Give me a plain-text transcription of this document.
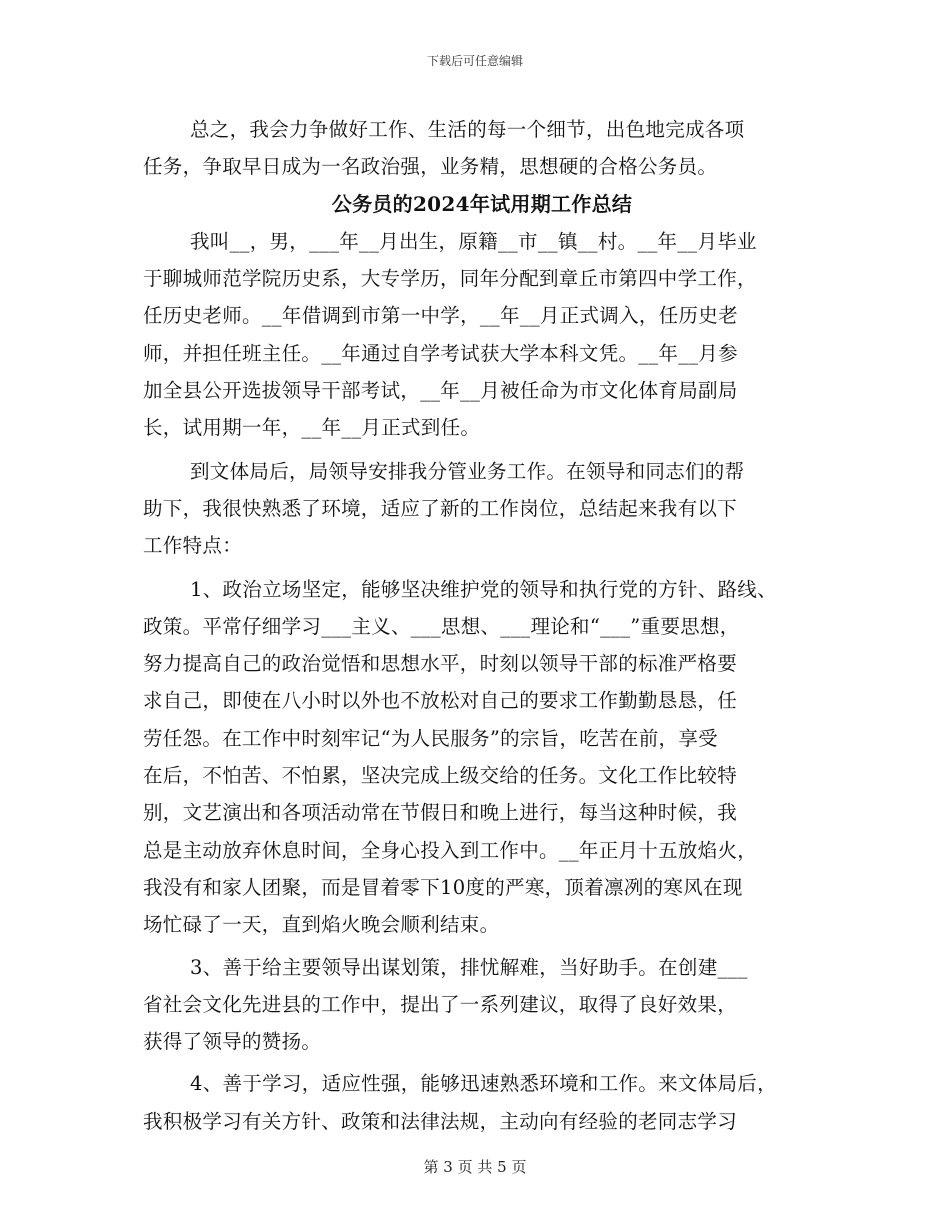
下载后可任意编辑
总之，我会力争做好工作、生活的每一个细节，出色地完成各项
任务，争取早日成为一名政治强，业务精，思想硬的合格公务员。
公务员的2024年试用期工作总结
我叫__，男，___年__月出生，原籍__市__镇__村。__年__月毕业
于聊城师范学院历史系，大专学历，同年分配到章丘市第四中学工作，
任历史老师。__年借调到市第一中学，__年__月正式调入，任历史老
师，并担任班主任。__年通过自学考试获大学本科文凭。__年__月参
加全县公开选拔领导干部考试，__年__月被任命为市文化体育局副局
长，试用期一年，__年__月正式到任。
到文体局后，局领导安排我分管业务工作。在领导和同志们的帮
助下，我很快熟悉了环境，适应了新的工作岗位，总结起来我有以下
工作特点：
1、政治立场坚定，能够坚决维护党的领导和执行党的方针、路线、
政策。平常仔细学习___主义、___思想、___理论和“___”重要思想，
努力提高自己的政治觉悟和思想水平，时刻以领导干部的标准严格要
求自己，即使在八小时以外也不放松对自己的要求工作勤勤恳恳，任
劳任怨。在工作中时刻牢记“为人民服务”的宗旨，吃苦在前，享受
在后，不怕苦、不怕累，坚决完成上级交给的任务。文化工作比较特
别，文艺演出和各项活动常在节假日和晚上进行，每当这种时候，我
总是主动放弃休息时间，全身心投入到工作中。__年正月十五放焰火，
我没有和家人团聚，而是冒着零下10度的严寒，顶着凛冽的寒风在现
场忙碌了一天，直到焰火晚会顺利结束。
3、善于给主要领导出谋划策，排忧解难，当好助手。在创建___
省社会文化先进县的工作中，提出了一系列建议，取得了良好效果，
获得了领导的赞扬。
4、善于学习，适应性强，能够迅速熟悉环境和工作。来文体局后，
我积极学习有关方针、政策和法律法规，主动向有经验的老同志学习
第 3 页 共 5 页
